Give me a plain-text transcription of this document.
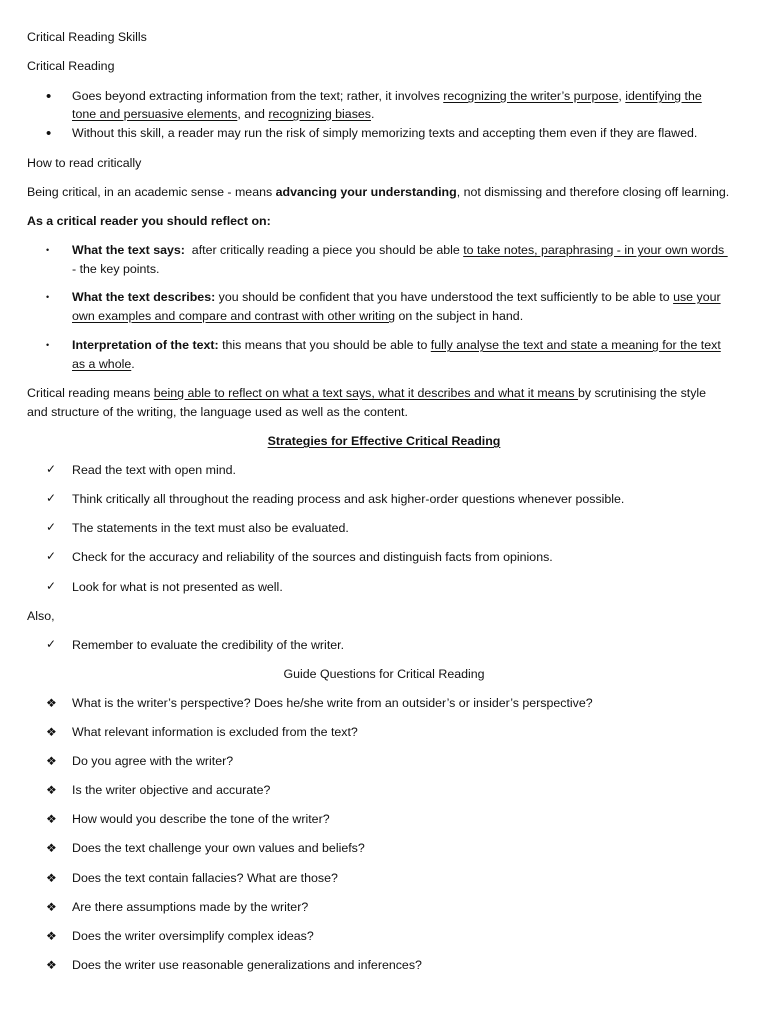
Critical Reading Skills
Critical Reading
• Goes beyond extracting information from the text; rather, it involves recognizing the writer’s purpose, identifying the
tone and persuasive elements, and recognizing biases.
• Without this skill, a reader may run the risk of simply memorizing texts and accepting them even if they are flawed.
How to read critically
Being critical, in an academic sense - means advancing your understanding, not dismissing and therefore closing off learning.
As a critical reader you should reflect on:
• What the text says:  after critically reading a piece you should be able to take notes, paraphrasing - in your own words
- the key points.
• What the text describes: you should be confident that you have understood the text sufficiently to be able to use your
own examples and compare and contrast with other writing on the subject in hand.
• Interpretation of the text: this means that you should be able to fully analyse the text and state a meaning for the text
as a whole.
Critical reading means being able to reflect on what a text says, what it describes and what it means by scrutinising the style
and structure of the writing, the language used as well as the content.
Strategies for Effective Critical Reading
✓ Read the text with open mind.
✓ Think critically all throughout the reading process and ask higher-order questions whenever possible.
✓ The statements in the text must also be evaluated.
✓ Check for the accuracy and reliability of the sources and distinguish facts from opinions.
✓ Look for what is not presented as well.
Also,
✓ Remember to evaluate the credibility of the writer.
Guide Questions for Critical Reading
❖ What is the writer’s perspective? Does he/she write from an outsider’s or insider’s perspective?
❖ What relevant information is excluded from the text?
❖ Do you agree with the writer?
❖ Is the writer objective and accurate?
❖ How would you describe the tone of the writer?
❖ Does the text challenge your own values and beliefs?
❖ Does the text contain fallacies? What are those?
❖ Are there assumptions made by the writer?
❖ Does the writer oversimplify complex ideas?
❖ Does the writer use reasonable generalizations and inferences?
